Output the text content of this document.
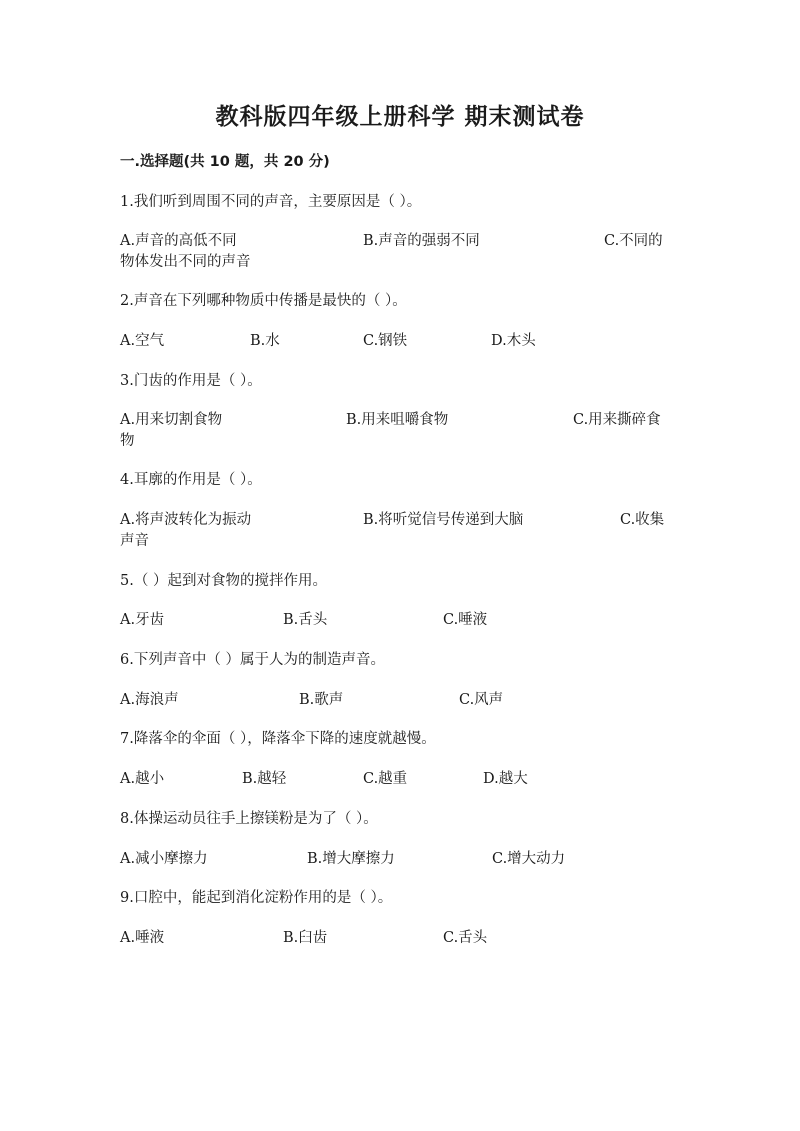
教科版四年级上册科学 期末测试卷
一.选择题(共 10 题，共 20 分)
1.我们听到周围不同的声音，主要原因是（ ）。
A.声音的高低不同	B.声音的强弱不同	C.不同的
物体发出不同的声音
2.声音在下列哪种物质中传播是最快的（ ）。
A.空气	B.水	C.钢铁	D.木头
3.门齿的作用是（ ）。
A.用来切割食物	B.用来咀嚼食物	C.用来撕碎食
物
4.耳廓的作用是（ ）。
A.将声波转化为振动	B.将听觉信号传递到大脑	C.收集
声音
5.（ ）起到对食物的搅拌作用。
A.牙齿	B.舌头	C.唾液
6.下列声音中（ ）属于人为的制造声音。
A.海浪声	B.歌声	C.风声
7.降落伞的伞面（ ），降落伞下降的速度就越慢。
A.越小	B.越轻	C.越重	D.越大
8.体操运动员往手上擦镁粉是为了（ ）。
A.减小摩擦力	B.增大摩擦力	C.增大动力
9.口腔中，能起到消化淀粉作用的是（ ）。
A.唾液	B.臼齿	C.舌头
